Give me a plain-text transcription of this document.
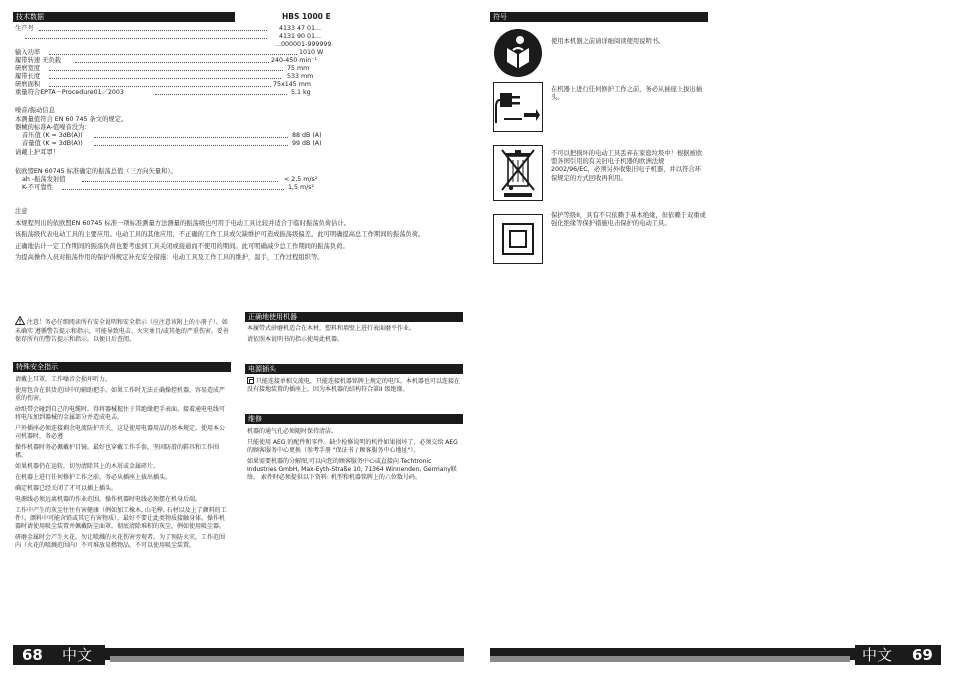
技术数据	HBS 1000 E
生产号	4133 47 01...
4131 90 01...
...000001-999999
输入功率	1010 W
履带转速 无负载	240-450 min⁻¹
研磨宽度	75 mm
履带长度	533 mm
研磨面积	75x145 mm
重量符合EPTA－Procedure01／2003	5,1 kg
噪音/振动信息
本测量值符合 EN 60 745 条文的规定。
器械的标准A-值噪音没为：
音压值 (K = 3dB(A))	88 dB (A)
音量值 (K = 3dB(A))	99 dB (A)
请戴上护耳罩！
依欧盟EN 60745 标准确定的振荡总值（三方向矢量和）。
ah -振荡发射值	< 2,5 m/s²
K-不可靠性	1,5 m/s²
注意
本规程列出的依欧盟EN 60745 标准一项标准测量方法测量的振荡级也可用于电动工具比较并适合于临时振荡负荷估计。
该振荡级代表电动工具的主要应用。电动工具的其他应用，不正确的工作工具或欠缺维护可造成振荡级偏差。此可明确提高总工作期间的振荡负荷。
正确地估计一定工作期间的振荡负荷也要考虑到工具关闭或接通而不使用的期间。此可明确减少总工作期间的振荡负荷。
为提高操作人员对振荡作用的保护得规定补充安全措施：电动工具及工作工具的维护，温手，工作过程组织等。
注意！务必仔细阅读所有安全说明和安全指示（应注意该附上的小册子）。如未确实 遵循警告提示和指示，可能导致电击、火灾並且/或其他的严重伤害。妥善保存所有的警告提示和指示，以便日后查阅。
特殊安全指示
请戴上耳罩。工作噪音会损坏听力。
使用包含在供货范围中的辅助把手。如果工作时无法正确操控机器，容易造成严重的伤害。
砂纸带会碰到自己的电缆时，得将器械握住于其绝缘把手表面。接着通电电线可将电压加到器械的金属部分并造成电击。
户外插座必须连接剩余电流防护开关，这是使用电器用品的基本规定。使用本公司机器时，务必遵
操作机器时务必佩戴护目镜。最好也穿戴工作手套，坚固防滑的鞋具和工作围裙。
如果机器仍在运转，切勿清除其上的木屑或金属碎片。
在机器上进行任何修护工作之前，务必从插座上拔出插头。
确定机器已经关闭了才可以插上插头。
电源线必须远离机器的作业范围。操作机器时电线必须摆在机身后端。
工作中产生的灰尘往往有害健康（例如加工橡木, 山毛榉, 石材以及上了颜料的工件）。颜料中可能含铅或其它有害物质），最好不要让此类物质接触身体。操作机器时请使用吸尘装置并佩戴防尘面罩。彻底清除堆积的灰尘，例如使用吸尘器。
研磨金属时会产生火花。勿让喷溅的火花伤害旁观者。为了预防火灾，工作范围内（火花的喷溅范围内）不可堆放易燃物品。不可以使用吸尘装置。
正确地使用机器
本履带式砂磨机适合在木材，塑料和墙壁上进行表面磨平作业。
请依照本说明书的指示使用此机器。
电源插头
只能连接单相交流电，只能连接机器铭牌上规定的电压。本机器也可以连接在没有接地装置的插座上，因为本机器的结构符合第II 级绝缘。
维修
机器的通气孔必须随时保持清洁。
只能使用 AEG 的配件和零件。缺少检修说明的机件如果损坏了，必须交给 AEG 的顾客服务中心更换（参考手册 "保证书 / 顾客服务中心地址"）。
如果需要机器的分解图,可以向您的顾客服务中心或直接向 Techtronic Industries GmbH, Max-Eyth-Straße 10, 71364 Winnenden, Germany联络。 索件时必须提供以下资料: 机型和机器铭牌上的六位数号码。
68 中文
符号
使用本机器之前请详细阅读使用说明书。
在机器上进行任何修护工作之前，务必从插座上拔出插头。
不可以把损坏的电动工具丢弃在家庭垃圾中！根据被欧盟各国引用的有关旧电子机器的欧洲法规2002/96/EC，必须另外收集旧电子机器，并以符合环保规定的方式回收再利用。
保护等级II，具有不只依赖于基本绝缘，但依赖于双重或强化绝缘等保护措施电击保护的电动工具。
中文 69
